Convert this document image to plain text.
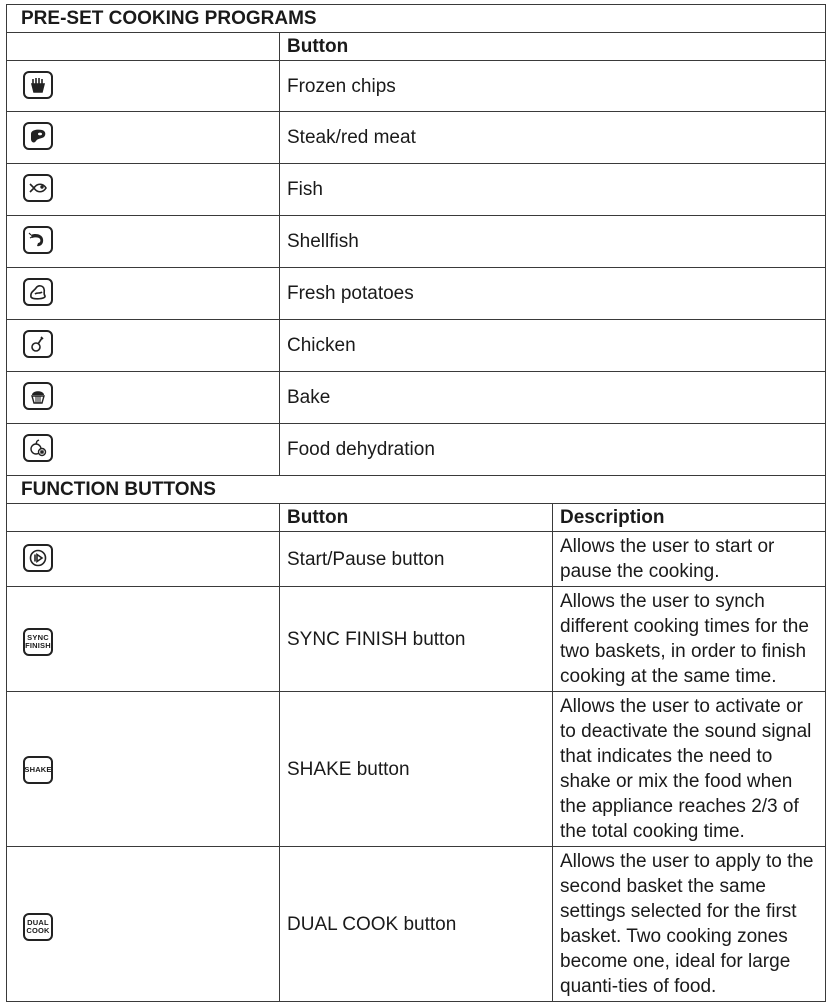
PRE-SET COOKING PROGRAMS		
	Button	

	Frozen chips	

	Steak/red meat	

	Fish	

	Shellfish	

	Fresh potatoes	

	Chicken	

	Bake	

	Food dehydration	
FUNCTION BUTTONS		
	Button	Description

	Start/Pause button	Allows the user to start or pause the cooking.

SYNC
FINISH	SYNC FINISH button	Allows the user to synch different cooking times for the two baskets, in order to finish cooking at the same time.

SHAKE	SHAKE button	Allows the user to activate or to deactivate the sound signal that indicates the need to shake or mix the food when the appliance reaches 2/3 of the total cooking time.

DUAL
COOK	DUAL COOK button	Allows the user to apply to the second basket the same settings selected for the first basket. Two cooking zones become one, ideal for large quanti-ties of food.
